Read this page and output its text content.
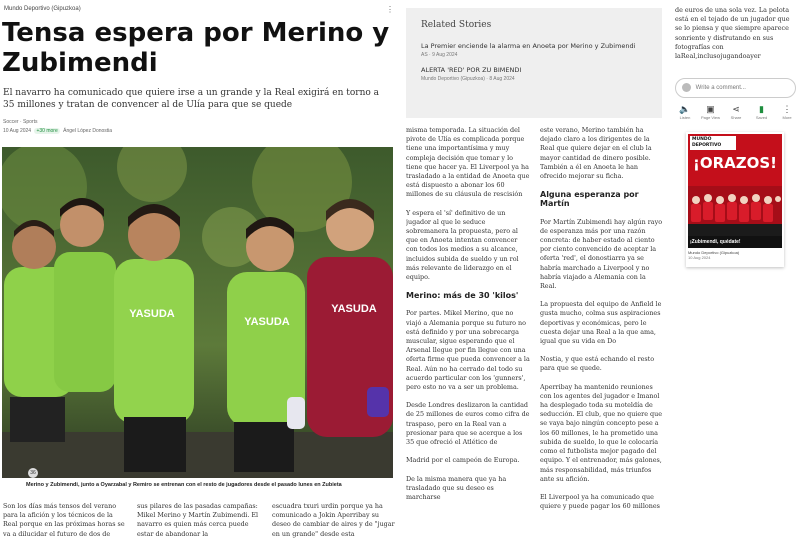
Mundo Deportivo (Gipuzkoa)	⋮
Tensa espera por Merino y Zubimendi
El navarro ha comunicado que quiere irse a un grande y la Real exigirá en torno a 35 millones y tratan de convencer al de Ulía para que se quede
Soccer · Sports
10 Aug 2024 +30 more Ángel López Donostia
YASUDA
YASUDA
YASUDA
36
Merino y Zubimendi, junto a Oyarzabal y Remiro se entrenan con el resto de jugadores desde el pasado lunes en Zubieta

Son los días más tensos del verano para la afición y los técnicos de la Real porque en las próximas horas se va a dilucidar el futuro de dos de

sus pilares de las pasadas campañas: Mikel Merino y Martín Zubimendi. El navarro es quien más cerca puede estar de abandonar la

escuadra txuri urdin porque ya ha comunicado a Jokin Aperribay su deseo de cambiar de aires y de "jugar en un grande" desde esta

Related Stories
La Premier enciende la alarma en Anoeta por Merino y Zubimendi
AS · 9 Aug 2024
ALERTA 'RED' POR ZU BIMENDI
Mundo Deportivo (Gipuzkoa) · 8 Aug 2024

misma temporada. La situación del pivote de Ulía es complicada porque tiene una importantísima y muy compleja decisión que tomar y lo tiene que hacer ya. El Liverpool ya ha trasladado a la entidad de Anoeta que está dispuesto a abonar los 60 millones de su cláusula de rescisión

Y espera el 'sí' definitivo de un jugador al que le seduce sobremanera la propuesta, pero al que en Anoeta intentan convencer con todos los medios a su alcance, incluidos subida de sueldo y un rol más relevante de liderazgo en el equipo.

Merino: más de 30 'kilos'

Por partes. Mikel Merino, que no viajó a Alemania porque su futuro no está definido y por una sobrecarga muscular, sigue esperando que el Arsenal llegue por fin llegue con una oferta firme que pueda convencer a la Real. Aún no ha cerrado del todo su acuerdo particular con los 'gunners', pero esto no va a ser un problema.

Desde Londres deslizaron la cantidad de 25 millones de euros como cifra de traspaso, pero en la Real van a presionar para que se acerque a los 35 que ofreció el Atlético de

Madrid por el campeón de Europa.

De la misma manera que ya ha trasladado que su deseo es marcharse

este verano, Merino también ha dejado claro a los dirigentes de la Real que quiere dejar en el club la mayor cantidad de dinero posible. También a él en Anoeta le han ofrecido mejorar su ficha.

Alguna esperanza por Martín

Por Martín Zubimendi hay algún rayo de esperanza más por una razón concreta: de haber estado al ciento por ciento convencido de aceptar la oferta 'red', el donostiarra ya se habría marchado a Liverpool y no habría viajado a Alemania con la Real.

La propuesta del equipo de Anfield le gusta mucho, colma sus aspiraciones deportivas y económicas, pero le cuesta dejar una Real a la que ama, igual que su vida en Do

Nostia, y que está echando el resto para que se quede.

Aperribay ha mantenido reuniones con los agentes del jugador e Imanol ha desplegado toda su moteldía de seducción. El club, que no quiere que se vaya bajo ningún concepto pese a los 60 millones, le ha prometido una subida de sueldo, lo que le colocaría como el futbolista mejor pagado del equipo. Y el entrenador, más galones, más responsabilidad, más triunfos ante su afición.

El Liverpool ya ha comunicado que quiere y puede pagar los 60 millones

de euros de una sola vez. La pelota está en el tejado de un jugador que se lo piensa y que siempre aparece sonriente y disfrutando en sus fotografías con laReal,inclusojugandoayer
Write a comment...
🔈
Listen
▣
Page View
⋖
Share
▮
Saved
⋮
More
MUNDO DEPORTIVO
¡ORAZOS!
¡Zubimendi, quédate!
Mundo Deportivo (Gipuzkoa)
10 Aug 2024
